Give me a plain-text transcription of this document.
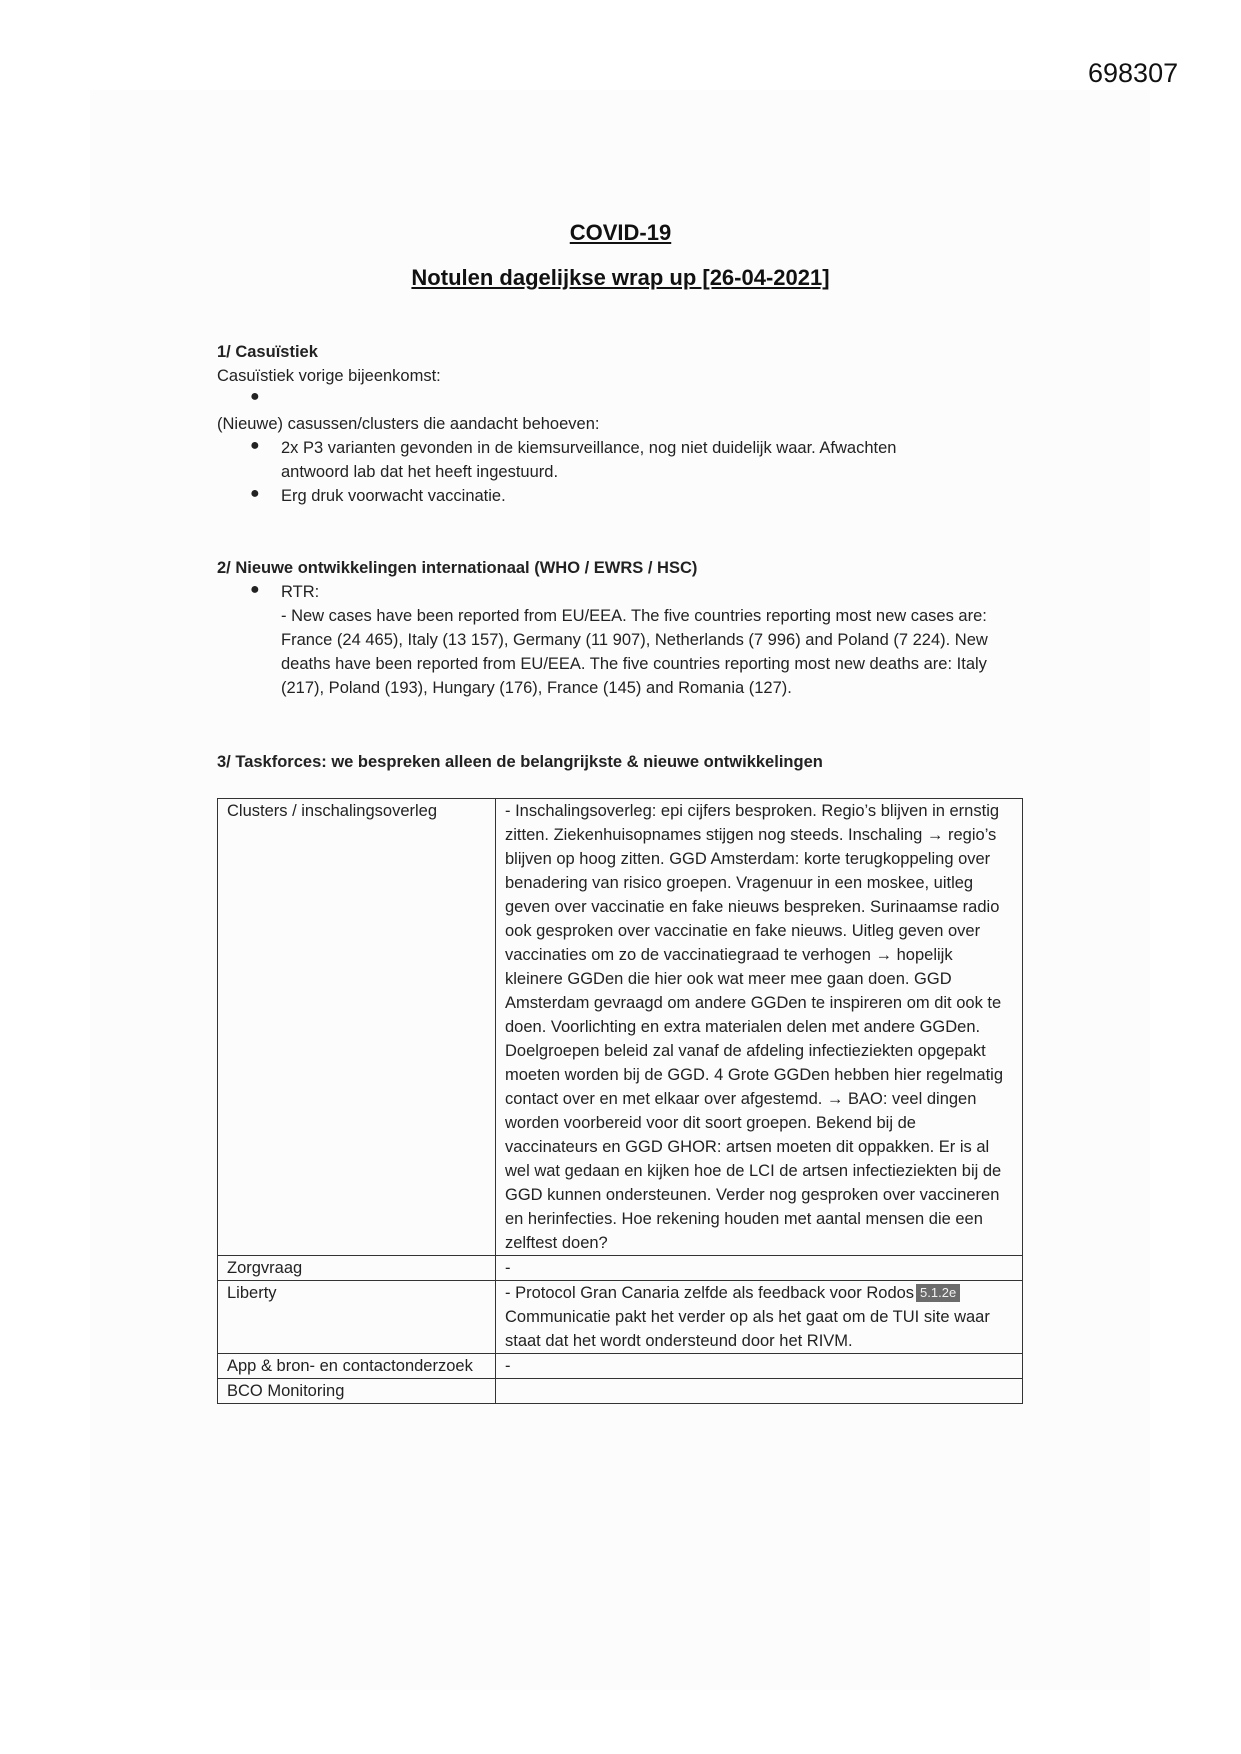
698307
COVID-19
Notulen dagelijkse wrap up [26-04-2021]
1/ Casuïstiek
Casuïstiek vorige bijeenkomst:
●
(Nieuwe) casussen/clusters die aandacht behoeven:
● 2x P3 varianten gevonden in de kiemsurveillance, nog niet duidelijk waar. Afwachten
antwoord lab dat het heeft ingestuurd.
● Erg druk voorwacht vaccinatie.
2/ Nieuwe ontwikkelingen internationaal (WHO / EWRS / HSC)
● RTR:
- New cases have been reported from EU/EEA. The five countries reporting most new cases are: France (24 465), Italy (13 157), Germany (11 907), Netherlands (7 996) and Poland (7 224). New deaths have been reported from EU/EEA. The five countries reporting most new deaths are: Italy (217), Poland (193), Hungary (176), France (145) and Romania (127).
3/ Taskforces: we bespreken alleen de belangrijkste & nieuwe ontwikkelingen
Clusters / inschalingsoverleg	- Inschalingsoverleg: epi cijfers besproken. Regio’s blijven in ernstig zitten. Ziekenhuisopnames stijgen nog steeds. Inschaling → regio’s blijven op hoog zitten. GGD Amsterdam: korte terugkoppeling over benadering van risico groepen. Vragenuur in een moskee, uitleg geven over vaccinatie en fake nieuws bespreken. Surinaamse radio ook gesproken over vaccinatie en fake nieuws. Uitleg geven over vaccinaties om zo de vaccinatiegraad te verhogen → hopelijk kleinere GGDen die hier ook wat meer mee gaan doen. GGD Amsterdam gevraagd om andere GGDen te inspireren om dit ook te doen. Voorlichting en extra materialen delen met andere GGDen. Doelgroepen beleid zal vanaf de afdeling infectieziekten opgepakt moeten worden bij de GGD. 4 Grote GGDen hebben hier regelmatig contact over en met elkaar over afgestemd. → BAO: veel dingen worden voorbereid voor dit soort groepen. Bekend bij de vaccinateurs en GGD GHOR: artsen moeten dit oppakken. Er is al wel wat gedaan en kijken hoe de LCI de artsen infectieziekten bij de GGD kunnen ondersteunen. Verder nog gesproken over vaccineren en herinfecties. Hoe rekening houden met aantal mensen die een zelftest doen?
Zorgvraag	-
Liberty	- Protocol Gran Canaria zelfde als feedback voor Rodos 5.1.2e Communicatie pakt het verder op als het gaat om de TUI site waar staat dat het wordt ondersteund door het RIVM.
App & bron- en contactonderzoek	-
BCO Monitoring	
